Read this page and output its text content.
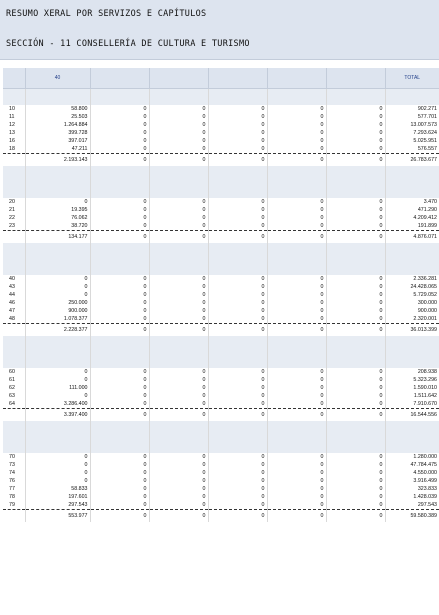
RESUMO XERAL POR SERVIZOS E CAPÍTULOS
SECCIÓN - 11 CONSELLERÍA DE CULTURA E TURISMO
	40						TOTAL

10	58.800	0	0	0	0	0	902.271
11	25.503	0	0	0	0	0	577.701
12	1.264.884	0	0	0	0	0	13.007.573
13	399.728	0	0	0	0	0	7.293.624
16	397.017	0	0	0	0	0	5.025.951
18	47.211	0	0	0	0	0	576.557
	2.193.143	0	0	0	0	0	26.783.677

20	0	0	0	0	0	0	3.470
21	19.395	0	0	0	0	0	471.290
22	76.062	0	0	0	0	0	4.209.412
23	38.720	0	0	0	0	0	191.899
	134.177	0	0	0	0	0	4.876.071

40	0	0	0	0	0	0	2.336.281
43	0	0	0	0	0	0	24.428.065
44	0	0	0	0	0	0	5.729.052
46	250.000	0	0	0	0	0	300.000
47	900.000	0	0	0	0	0	900.000
48	1.078.377	0	0	0	0	0	2.320.001
	2.228.377	0	0	0	0	0	36.013.399

60	0	0	0	0	0	0	208.938
61	0	0	0	0	0	0	5.323.296
62	111.000	0	0	0	0	0	1.590.010
63	0	0	0	0	0	0	1.511.642
64	3.286.400	0	0	0	0	0	7.910.670
	3.397.400	0	0	0	0	0	16.544.556

70	0	0	0	0	0	0	1.280.000
73	0	0	0	0	0	0	47.784.475
74	0	0	0	0	0	0	4.550.000
76	0	0	0	0	0	0	3.916.499
77	58.833	0	0	0	0	0	323.833
78	197.601	0	0	0	0	0	1.428.039
79	297.543	0	0	0	0	0	297.543
	553.977	0	0	0	0	0	59.580.389
